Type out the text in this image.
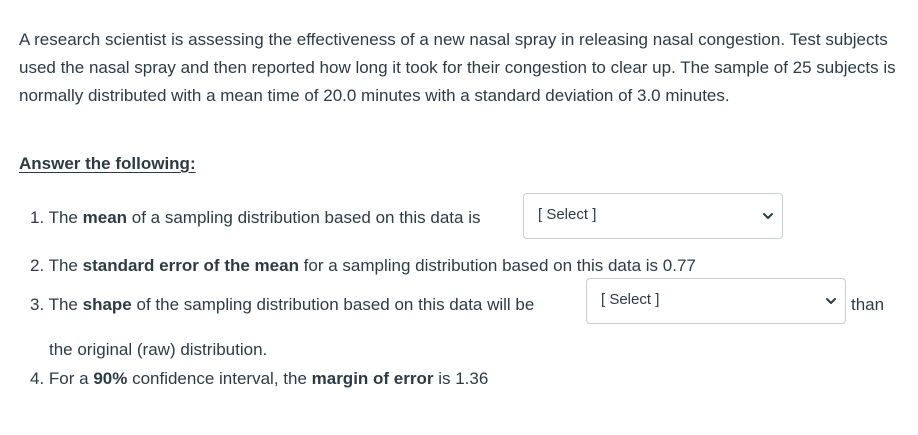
A research scientist is assessing the effectiveness of a new nasal spray in releasing nasal congestion. Test subjects used the nasal spray and then reported how long it took for their congestion to clear up. The sample of 25 subjects is normally distributed with a mean time of 20.0 minutes with a standard deviation of 3.0 minutes.

Answer the following:
1. The mean of a sampling distribution based on this data is	[ Select ]
2. The standard error of the mean for a sampling distribution based on this data is 0.77
3. The shape of the sampling distribution based on this data will be	[ Select ]	than
the original (raw) distribution.
4. For a 90% confidence interval, the margin of error is 1.36
